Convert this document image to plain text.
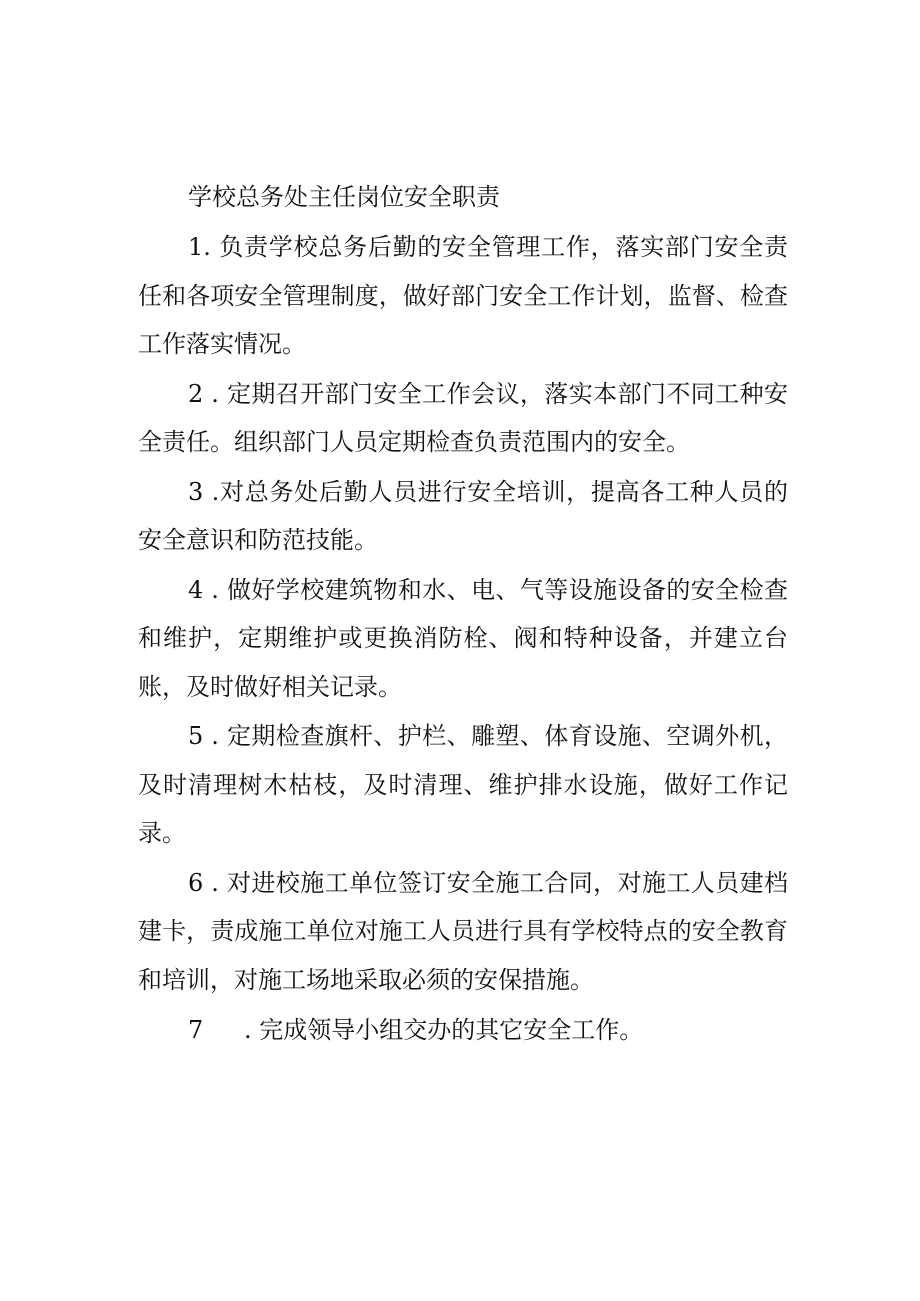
学校总务处主任岗位安全职责

1. 负责学校总务后勤的安全管理工作，落实部门安全责任和各项安全管理制度，做好部门安全工作计划，监督、检查工作落实情况。

2 . 定期召开部门安全工作会议，落实本部门不同工种安全责任。组织部门人员定期检查负责范围内的安全。

3 .对总务处后勤人员进行安全培训，提高各工种人员的安全意识和防范技能。

4 . 做好学校建筑物和水、电、气等设施设备的安全检查和维护，定期维护或更换消防栓、阀和特种设备，并建立台账，及时做好相关记录。

5 . 定期检查旗杆、护栏、雕塑、体育设施、空调外机，及时清理树木枯枝，及时清理、维护排水设施，做好工作记录。

6 . 对进校施工单位签订安全施工合同，对施工人员建档建卡，责成施工单位对施工人员进行具有学校特点的安全教育和培训，对施工场地采取必须的安保措施。

7 . 完成领导小组交办的其它安全工作。
